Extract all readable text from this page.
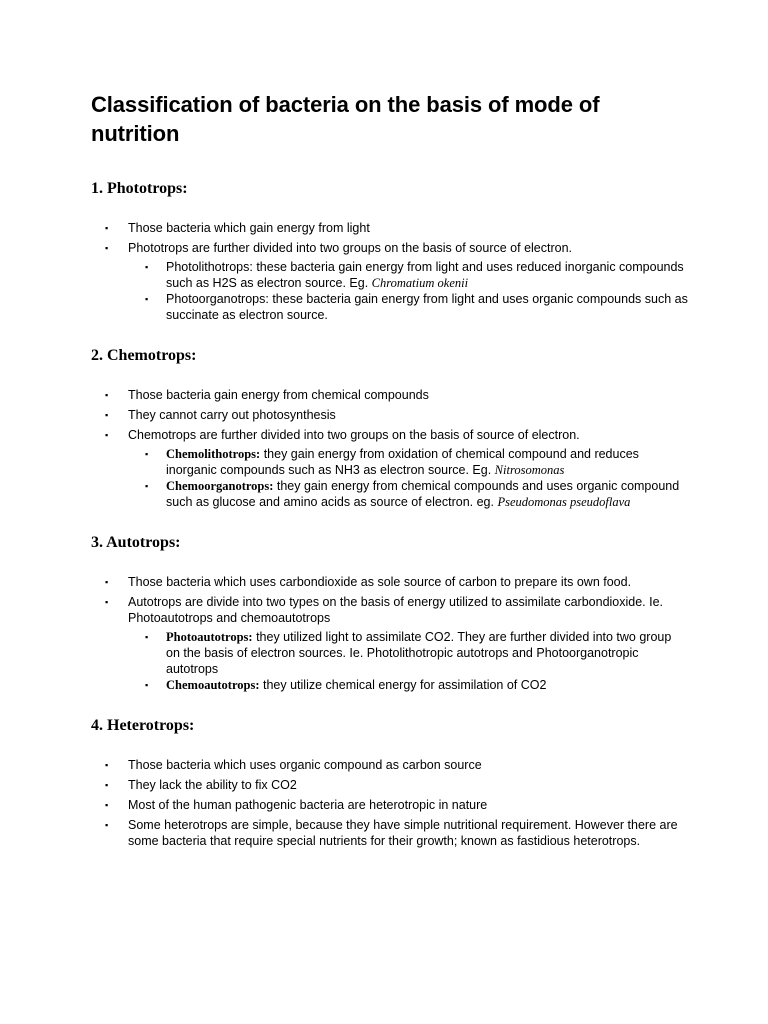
Classification of bacteria on the basis of mode of nutrition
1. Phototrops:
▪ Those bacteria which gain energy from light
▪ Phototrops are further divided into two groups on the basis of source of electron.
▪ Photolithotrops: these bacteria gain energy from light and uses reduced inorganic compounds such as H2S as electron source. Eg. Chromatium okenii
▪ Photoorganotrops: these bacteria gain energy from light and uses organic compounds such as succinate as electron source.
2. Chemotrops:
▪ Those bacteria gain energy from chemical compounds
▪ They cannot carry out photosynthesis
▪ Chemotrops are further divided into two groups on the basis of source of electron.
▪ Chemolithotrops: they gain energy from oxidation of chemical compound and reduces inorganic compounds such as NH3 as electron source. Eg. Nitrosomonas
▪ Chemoorganotrops: they gain energy from chemical compounds and uses organic compound such as glucose and amino acids as source of electron. eg. Pseudomonas pseudoflava
3. Autotrops:
▪ Those bacteria which uses carbondioxide as sole source of carbon to prepare its own food.
▪ Autotrops are divide into two types on the basis of energy utilized to assimilate carbondioxide. Ie. Photoautotrops and chemoautotrops
▪ Photoautotrops: they utilized light to assimilate CO2. They are further divided into two group on the basis of electron sources. Ie. Photolithotropic autotrops and Photoorganotropic autotrops
▪ Chemoautotrops: they utilize chemical energy for assimilation of CO2
4. Heterotrops:
▪ Those bacteria which uses organic compound as carbon source
▪ They lack the ability to fix CO2
▪ Most of the human pathogenic bacteria are heterotropic in nature
▪ Some heterotrops are simple, because they have simple nutritional requirement. However there are some bacteria that require special nutrients for their growth; known as fastidious heterotrops.
